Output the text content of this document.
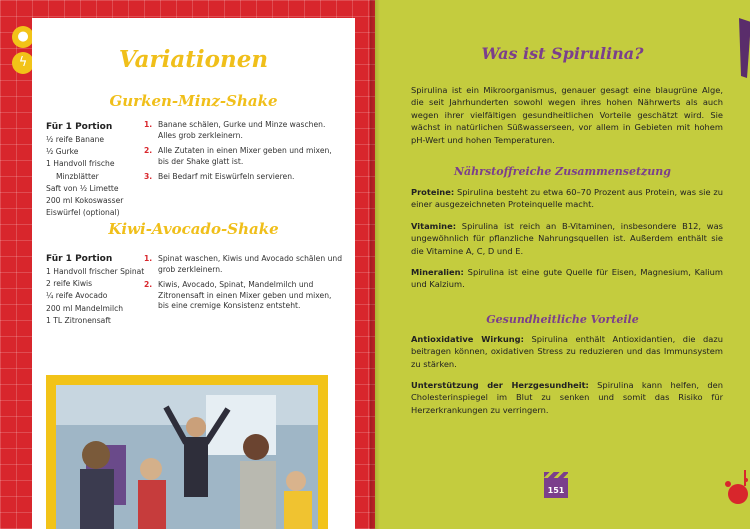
●
ϟ	Variationen
Gurken-Minz-Shake
Für 1 Portion
½ reife Banane
½ Gurke
1 Handvoll frische
Minzblätter
Saft von ½ Limette
200 ml Kokoswasser
Eiswürfel (optional)
1. Banane schälen, Gurke und Minze waschen. Alles grob zerkleinern.
2. Alle Zutaten in einen Mixer geben und mixen, bis der Shake glatt ist.
3. Bei Bedarf mit Eiswürfeln servieren.
Kiwi-Avocado-Shake
Für 1 Portion
1 Handvoll frischer Spinat
2 reife Kiwis
¼ reife Avocado
200 ml Mandelmilch
1 TL Zitronensaft
1. Spinat waschen, Kiwis und Avocado schälen und grob zerkleinern.
2. Kiwis, Avocado, Spinat, Mandelmilch und Zitronensaft in einen Mixer geben und mixen, bis eine cremige Konsistenz entsteht.
Was ist Spirulina?

Spirulina ist ein Mikroorganismus, genauer gesagt eine blaugrüne Alge, die seit Jahrhunderten sowohl wegen ihres hohen Nährwerts als auch wegen ihrer vielfältigen gesundheitlichen Vorteile geschätzt wird. Sie wächst in natürlichen Süßwasserseen, vor allem in Gebieten mit hohem pH-Wert und hohen Temperaturen.

Nährstoffreiche Zusammensetzung

Proteine: Spirulina besteht zu etwa 60–70 Prozent aus Protein, was sie zu einer ausgezeichneten Proteinquelle macht.

Vitamine: Spirulina ist reich an B-Vitaminen, insbesondere B12, was ungewöhnlich für pflanzliche Nahrungsquellen ist. Außerdem enthält sie die Vitamine A, C, D und E.

Mineralien: Spirulina ist eine gute Quelle für Eisen, Magnesium, Kalium und Kalzium.

Gesundheitliche Vorteile

Antioxidative Wirkung: Spirulina enthält Antioxidantien, die dazu beitragen können, oxidativen Stress zu reduzieren und das Immunsystem zu stärken.

Unterstützung der Herzgesundheit: Spirulina kann helfen, den Cholesterinspiegel im Blut zu senken und somit das Risiko für Herzerkrankungen zu verringern.

151
